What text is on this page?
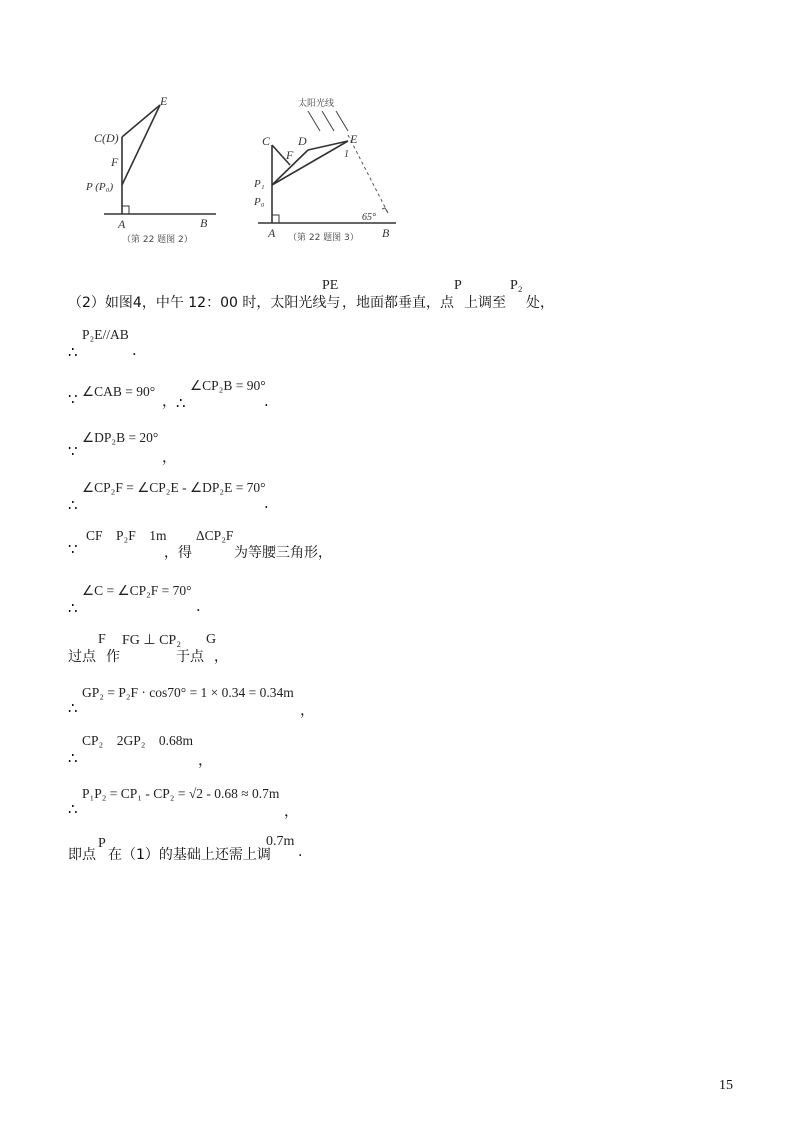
E
C(D)
F
P (P₀)
A	B
（第 22 题图 2）
太阳光线
C D	E
F	1
P₁
P₀
65°
A	B
（第 22 题图 3）
（2）如图4，中午 12：00 时，太阳光线与
PE
，地面都垂直，点
P
上调至
P₂
处，
∴
P₂E//AB
.
∵ ∠CAB = 90°
， ∴
∠CP₂B = 90°
.
∵
∠DP₂B = 20°
，
∴
∠CP₂F = ∠CP₂E - ∠DP₂E = 70°
.
∵
CF    P₂F    1m
，得
ΔCP₂F
为等腰三角形，
∴
∠C = ∠CP₂F = 70°
.
过点
F
作
FG ⊥ CP₂
于点
G
，
∴
GP₂ = P₂F · cos70° = 1 × 0.34 = 0.34m
，
∴
CP₂    2GP₂    0.68m
，
∴
P₁P₂ = CP₁ - CP₂ = √2 - 0.68 ≈ 0.7m
，
即点
P
在（1）的基础上还需上调
0.7m
.
15
